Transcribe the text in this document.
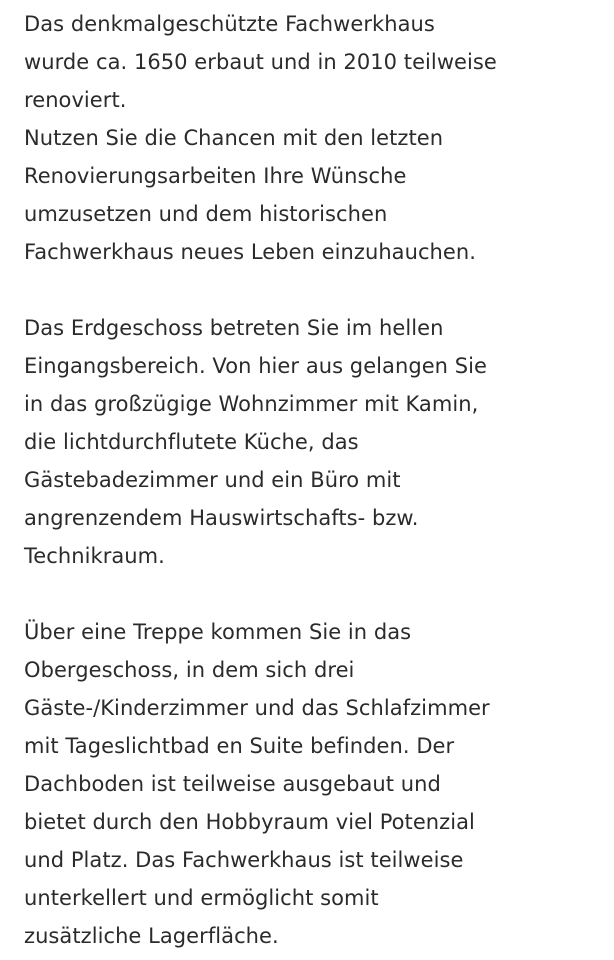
Das denkmalgeschützte Fachwerkhaus
wurde ca. 1650 erbaut und in 2010 teilweise
renoviert.
Nutzen Sie die Chancen mit den letzten
Renovierungsarbeiten Ihre Wünsche
umzusetzen und dem historischen
Fachwerkhaus neues Leben einzuhauchen.
Das Erdgeschoss betreten Sie im hellen
Eingangsbereich. Von hier aus gelangen Sie
in das großzügige Wohnzimmer mit Kamin,
die lichtdurchflutete Küche, das
Gästebadezimmer und ein Büro mit
angrenzendem Hauswirtschafts- bzw.
Technikraum.
Über eine Treppe kommen Sie in das
Obergeschoss, in dem sich drei
Gäste-/Kinderzimmer und das Schlafzimmer
mit Tageslichtbad en Suite befinden. Der
Dachboden ist teilweise ausgebaut und
bietet durch den Hobbyraum viel Potenzial
und Platz. Das Fachwerkhaus ist teilweise
unterkellert und ermöglicht somit
zusätzliche Lagerfläche.
